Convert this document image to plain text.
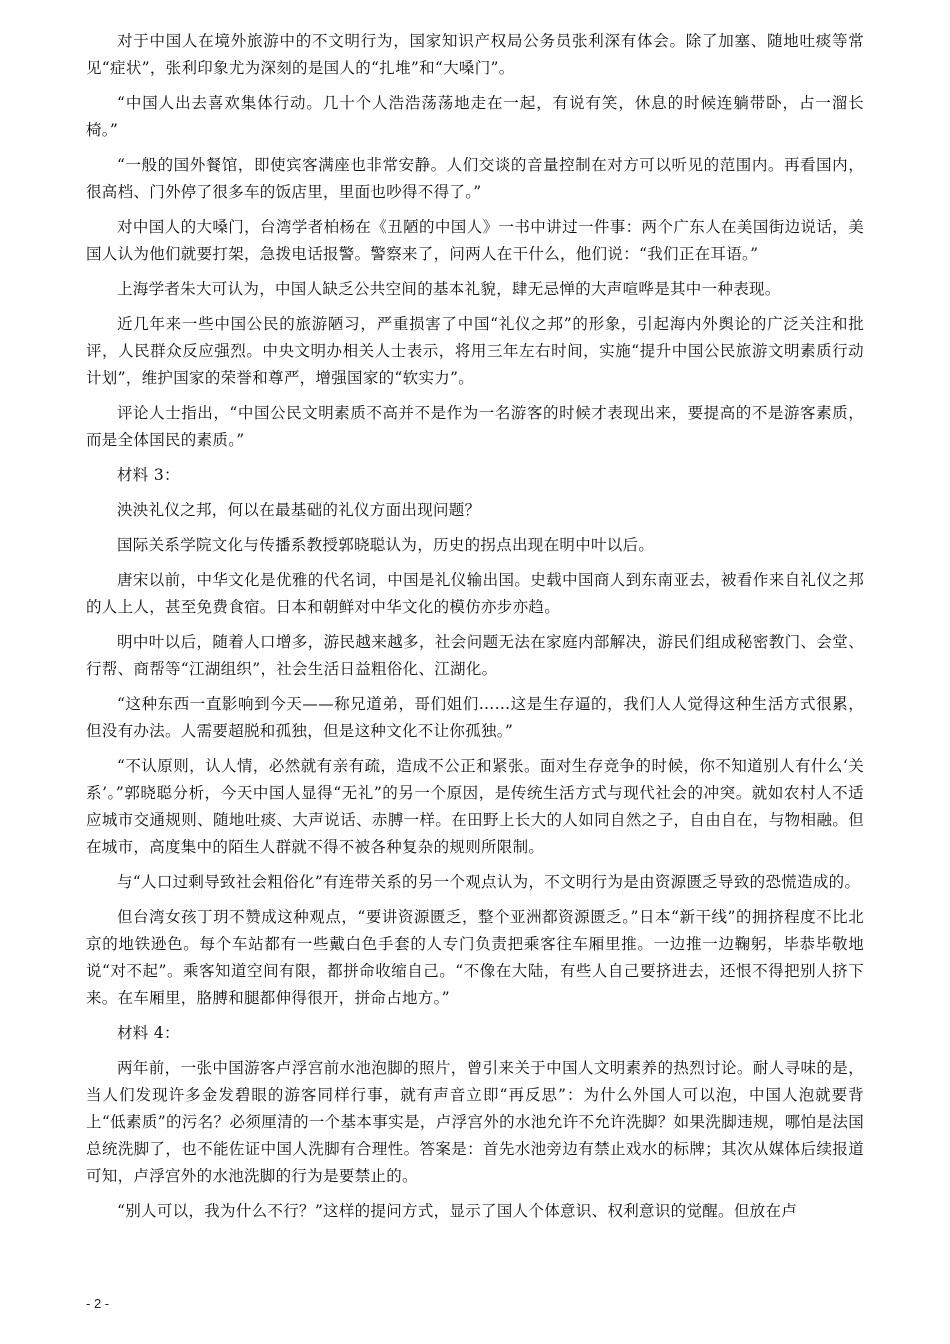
对于中国人在境外旅游中的不文明行为，国家知识产权局公务员张利深有体会。除了加塞、随地吐痰等常见“症状”，张利印象尤为深刻的是国人的“扎堆”和“大嗓门”。

“中国人出去喜欢集体行动。几十个人浩浩荡荡地走在一起，有说有笑，休息的时候连躺带卧，占一溜长椅。”

“一般的国外餐馆，即使宾客满座也非常安静。人们交谈的音量控制在对方可以听见的范围内。再看国内，很高档、门外停了很多车的饭店里，里面也吵得不得了。”

对中国人的大嗓门，台湾学者柏杨在《丑陋的中国人》一书中讲过一件事：两个广东人在美国街边说话，美国人认为他们就要打架，急拨电话报警。警察来了，问两人在干什么，他们说：“我们正在耳语。”

上海学者朱大可认为，中国人缺乏公共空间的基本礼貌，肆无忌惮的大声喧哗是其中一种表现。

近几年来一些中国公民的旅游陋习，严重损害了中国“礼仪之邦”的形象，引起海内外舆论的广泛关注和批评，人民群众反应强烈。中央文明办相关人士表示，将用三年左右时间，实施“提升中国公民旅游文明素质行动计划”，维护国家的荣誉和尊严，增强国家的“软实力”。

评论人士指出，“中国公民文明素质不高并不是作为一名游客的时候才表现出来，要提高的不是游客素质，而是全体国民的素质。”

材料 3：

泱泱礼仪之邦，何以在最基础的礼仪方面出现问题？

国际关系学院文化与传播系教授郭晓聪认为，历史的拐点出现在明中叶以后。

唐宋以前，中华文化是优雅的代名词，中国是礼仪输出国。史载中国商人到东南亚去，被看作来自礼仪之邦的人上人，甚至免费食宿。日本和朝鲜对中华文化的模仿亦步亦趋。

明中叶以后，随着人口增多，游民越来越多，社会问题无法在家庭内部解决，游民们组成秘密教门、会堂、行帮、商帮等“江湖组织”，社会生活日益粗俗化、江湖化。

“这种东西一直影响到今天——称兄道弟，哥们姐们……这是生存逼的，我们人人觉得这种生活方式很累，但没有办法。人需要超脱和孤独，但是这种文化不让你孤独。”

“不认原则，认人情，必然就有亲有疏，造成不公正和紧张。面对生存竞争的时候，你不知道别人有什么‘关系’。”郭晓聪分析，今天中国人显得“无礼”的另一个原因，是传统生活方式与现代社会的冲突。就如农村人不适应城市交通规则、随地吐痰、大声说话、赤膊一样。在田野上长大的人如同自然之子，自由自在，与物相融。但在城市，高度集中的陌生人群就不得不被各种复杂的规则所限制。

与“人口过剩导致社会粗俗化”有连带关系的另一个观点认为，不文明行为是由资源匮乏导致的恐慌造成的。

但台湾女孩丁玥不赞成这种观点，“要讲资源匮乏，整个亚洲都资源匮乏。”日本“新干线”的拥挤程度不比北京的地铁逊色。每个车站都有一些戴白色手套的人专门负责把乘客往车厢里推。一边推一边鞠躬，毕恭毕敬地说“对不起”。乘客知道空间有限，都拼命收缩自己。“不像在大陆，有些人自己要挤进去，还恨不得把别人挤下来。在车厢里，胳膊和腿都伸得很开，拼命占地方。”

材料 4：

两年前，一张中国游客卢浮宫前水池泡脚的照片，曾引来关于中国人文明素养的热烈讨论。耐人寻味的是，当人们发现许多金发碧眼的游客同样行事，就有声音立即“再反思”：为什么外国人可以泡，中国人泡就要背上“低素质”的污名？必须厘清的一个基本事实是，卢浮宫外的水池允许不允许洗脚？如果洗脚违规，哪怕是法国总统洗脚了，也不能佐证中国人洗脚有合理性。答案是：首先水池旁边有禁止戏水的标牌；其次从媒体后续报道可知，卢浮宫外的水池洗脚的行为是要禁止的。

“别人可以，我为什么不行？”这样的提问方式，显示了国人个体意识、权利意识的觉醒。但放在卢

- 2 -
